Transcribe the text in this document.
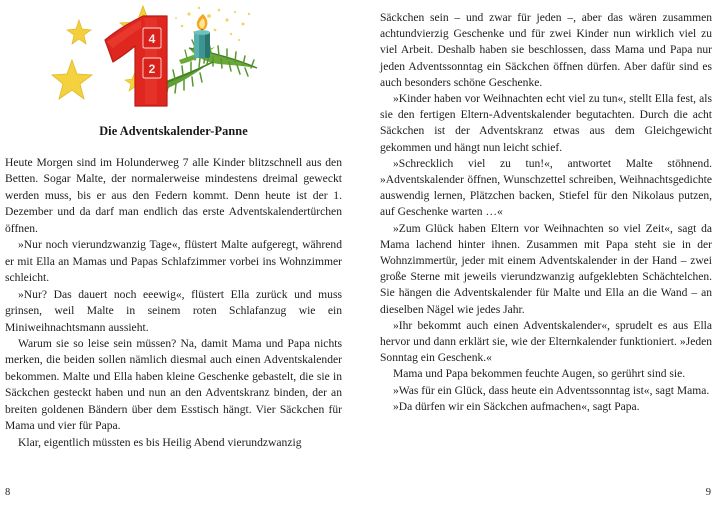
4
2
Die Adventskalender-Panne

Heute Morgen sind im Holunderweg 7 alle Kinder blitzschnell aus den Betten. Sogar Malte, der normalerweise mindestens dreimal geweckt werden muss, bis er aus den Federn kommt. Denn heute ist der 1. Dezember und da darf man endlich das erste Adventskalendertürchen öffnen.

»Nur noch vierundzwanzig Tage«, flüstert Malte aufgeregt, während er mit Ella an Mamas und Papas Schlafzimmer vorbei ins Wohnzimmer schleicht.

»Nur? Das dauert noch eeewig«, flüstert Ella zurück und muss grinsen, weil Malte in seinem roten Schlafanzug wie ein Miniweihnachtsmann aussieht.

Warum sie so leise sein müssen? Na, damit Mama und Papa nichts merken, die beiden sollen nämlich diesmal auch einen Adventskalender bekommen. Malte und Ella haben kleine Geschenke gebastelt, die sie in Säckchen gesteckt haben und nun an den Adventskranz binden, der an breiten goldenen Bändern über dem Esstisch hängt. Vier Säckchen für Mama und vier für Papa.

Klar, eigentlich müssten es bis Heilig Abend vierundzwanzig

8

Säckchen sein – und zwar für jeden –, aber das wären zusammen achtundvierzig Geschenke und für zwei Kinder nun wirklich viel zu viel Arbeit. Deshalb haben sie beschlossen, dass Mama und Papa nur jeden Adventssonntag ein Säckchen öffnen dürfen. Aber dafür sind es auch besonders schöne Geschenke.

»Kinder haben vor Weihnachten echt viel zu tun«, stellt Ella fest, als sie den fertigen Eltern-Adventskalender begutachten. Durch die acht Säckchen ist der Adventskranz etwas aus dem Gleichgewicht gekommen und hängt nun leicht schief.

»Schrecklich viel zu tun!«, antwortet Malte stöhnend. »Adventskalender öffnen, Wunschzettel schreiben, Weihnachtsgedichte auswendig lernen, Plätzchen backen, Stiefel für den Nikolaus putzen, auf Geschenke warten …«

»Zum Glück haben Eltern vor Weihnachten so viel Zeit«, sagt da Mama lachend hinter ihnen. Zusammen mit Papa steht sie in der Wohnzimmertür, jeder mit einem Adventskalender in der Hand – zwei große Sterne mit jeweils vierundzwanzig aufgeklebten Schächtelchen. Sie hängen die Adventskalender für Malte und Ella an die Wand – an dieselben Nägel wie jedes Jahr.

»Ihr bekommt auch einen Adventskalender«, sprudelt es aus Ella hervor und dann erklärt sie, wie der Elternkalender funktioniert. »Jeden Sonntag ein Geschenk.«

Mama und Papa bekommen feuchte Augen, so gerührt sind sie.

»Was für ein Glück, dass heute ein Adventssonntag ist«, sagt Mama.

»Da dürfen wir ein Säckchen aufmachen«, sagt Papa.

9
